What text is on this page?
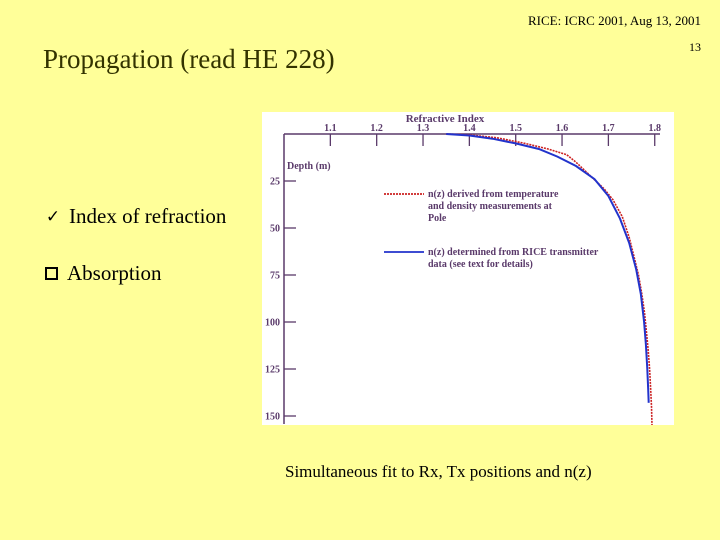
RICE: ICRC 2001, Aug 13, 2001
13
Propagation (read HE 228)
✓ Index of refraction
Absorption
Refractive Index
Depth (m)
1.1	1.2	1.3	1.4	1.5	1.6	1.7	1.8
25
50
75
100
125
150
n(z) derived from temperature and density measurements at Pole
n(z) determined from RICE transmitter data (see text for details)
Simultaneous fit to Rx, Tx positions and n(z)
